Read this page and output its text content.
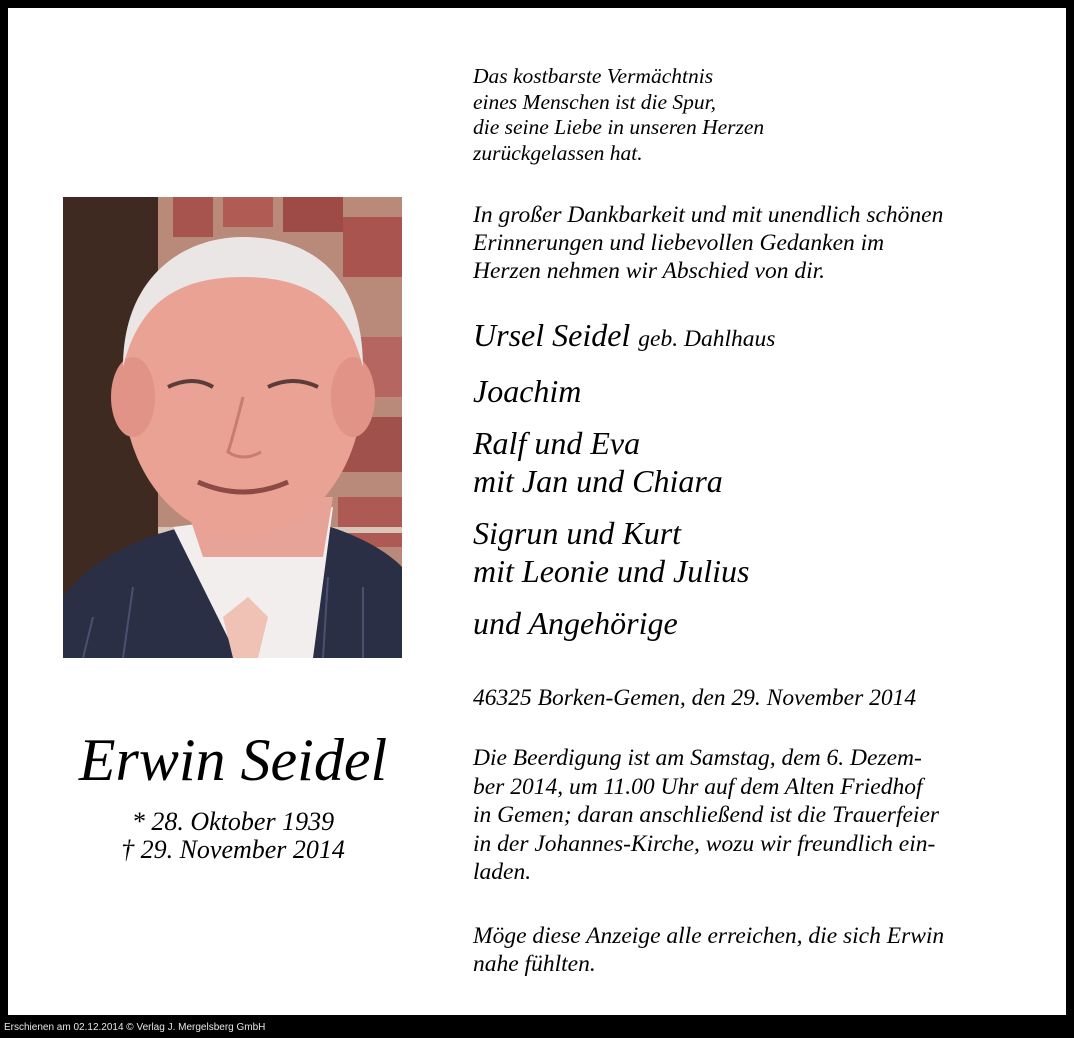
Erwin Seidel
* 28. Oktober 1939
† 29. November 2014
Das kostbarste Vermächtnis
eines Menschen ist die Spur,
die seine Liebe in unseren Herzen
zurückgelassen hat.
In großer Dankbarkeit und mit unendlich schönen
Erinnerungen und liebevollen Gedanken im
Herzen nehmen wir Abschied von dir.
Ursel Seidel geb. Dahlhaus
Joachim
Ralf und Eva
mit Jan und Chiara
Sigrun und Kurt
mit Leonie und Julius
und Angehörige
46325 Borken-Gemen, den 29. November 2014
Die Beerdigung ist am Samstag, dem 6. Dezem-
ber 2014, um 11.00 Uhr auf dem Alten Friedhof
in Gemen; daran anschließend ist die Trauerfeier
in der Johannes-Kirche, wozu wir freundlich ein-
laden.
Möge diese Anzeige alle erreichen, die sich Erwin
nahe fühlten.
Erschienen am 02.12.2014 © Verlag J. Mergelsberg GmbH
